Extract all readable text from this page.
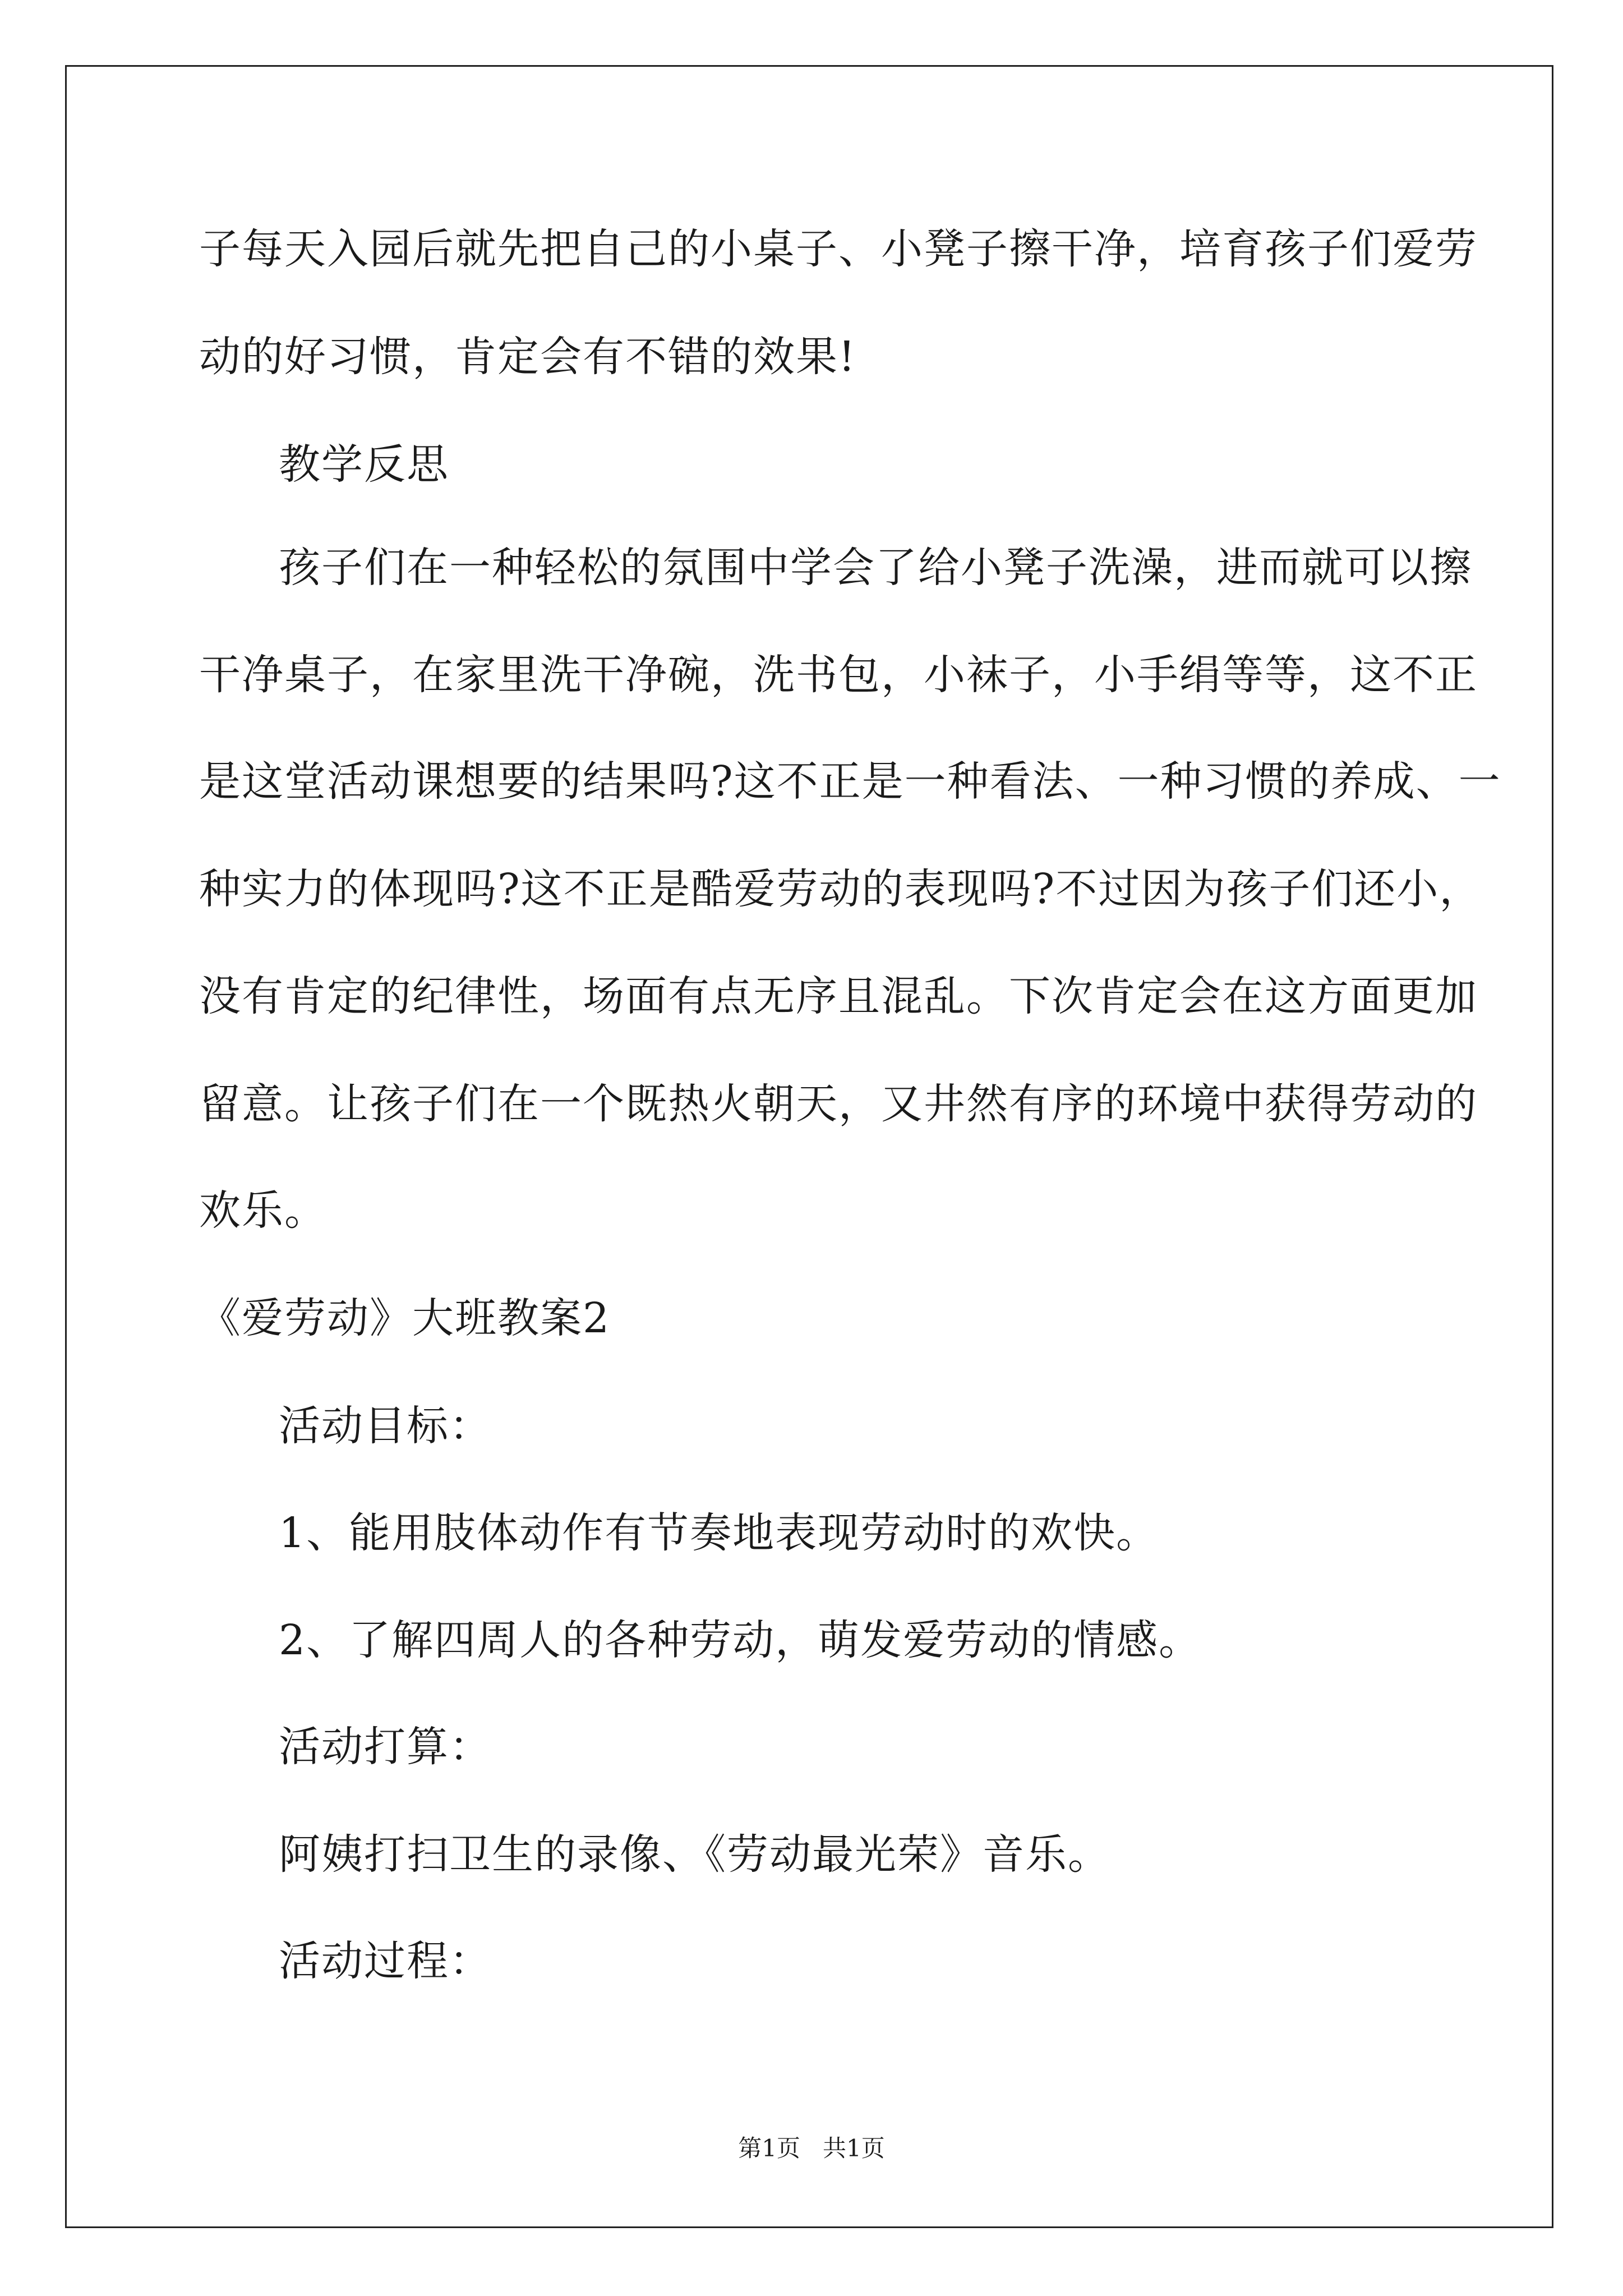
子每天入园后就先把自己的小桌子、小凳子擦干净，培育孩子们爱劳
动的好习惯，肯定会有不错的效果!
教学反思
孩子们在一种轻松的氛围中学会了给小凳子洗澡，进而就可以擦
干净桌子，在家里洗干净碗，洗书包，小袜子，小手绢等等，这不正
是这堂活动课想要的结果吗?这不正是一种看法、一种习惯的养成、一
种实力的体现吗?这不正是酷爱劳动的表现吗?不过因为孩子们还小，
没有肯定的纪律性，场面有点无序且混乱。下次肯定会在这方面更加
留意。让孩子们在一个既热火朝天，又井然有序的环境中获得劳动的
欢乐。
《爱劳动》大班教案2
活动目标：
1、能用肢体动作有节奏地表现劳动时的欢快。
2、了解四周人的各种劳动，萌发爱劳动的情感。
活动打算：
阿姨打扫卫生的录像、《劳动最光荣》音乐。
活动过程：
第1页   共1页
